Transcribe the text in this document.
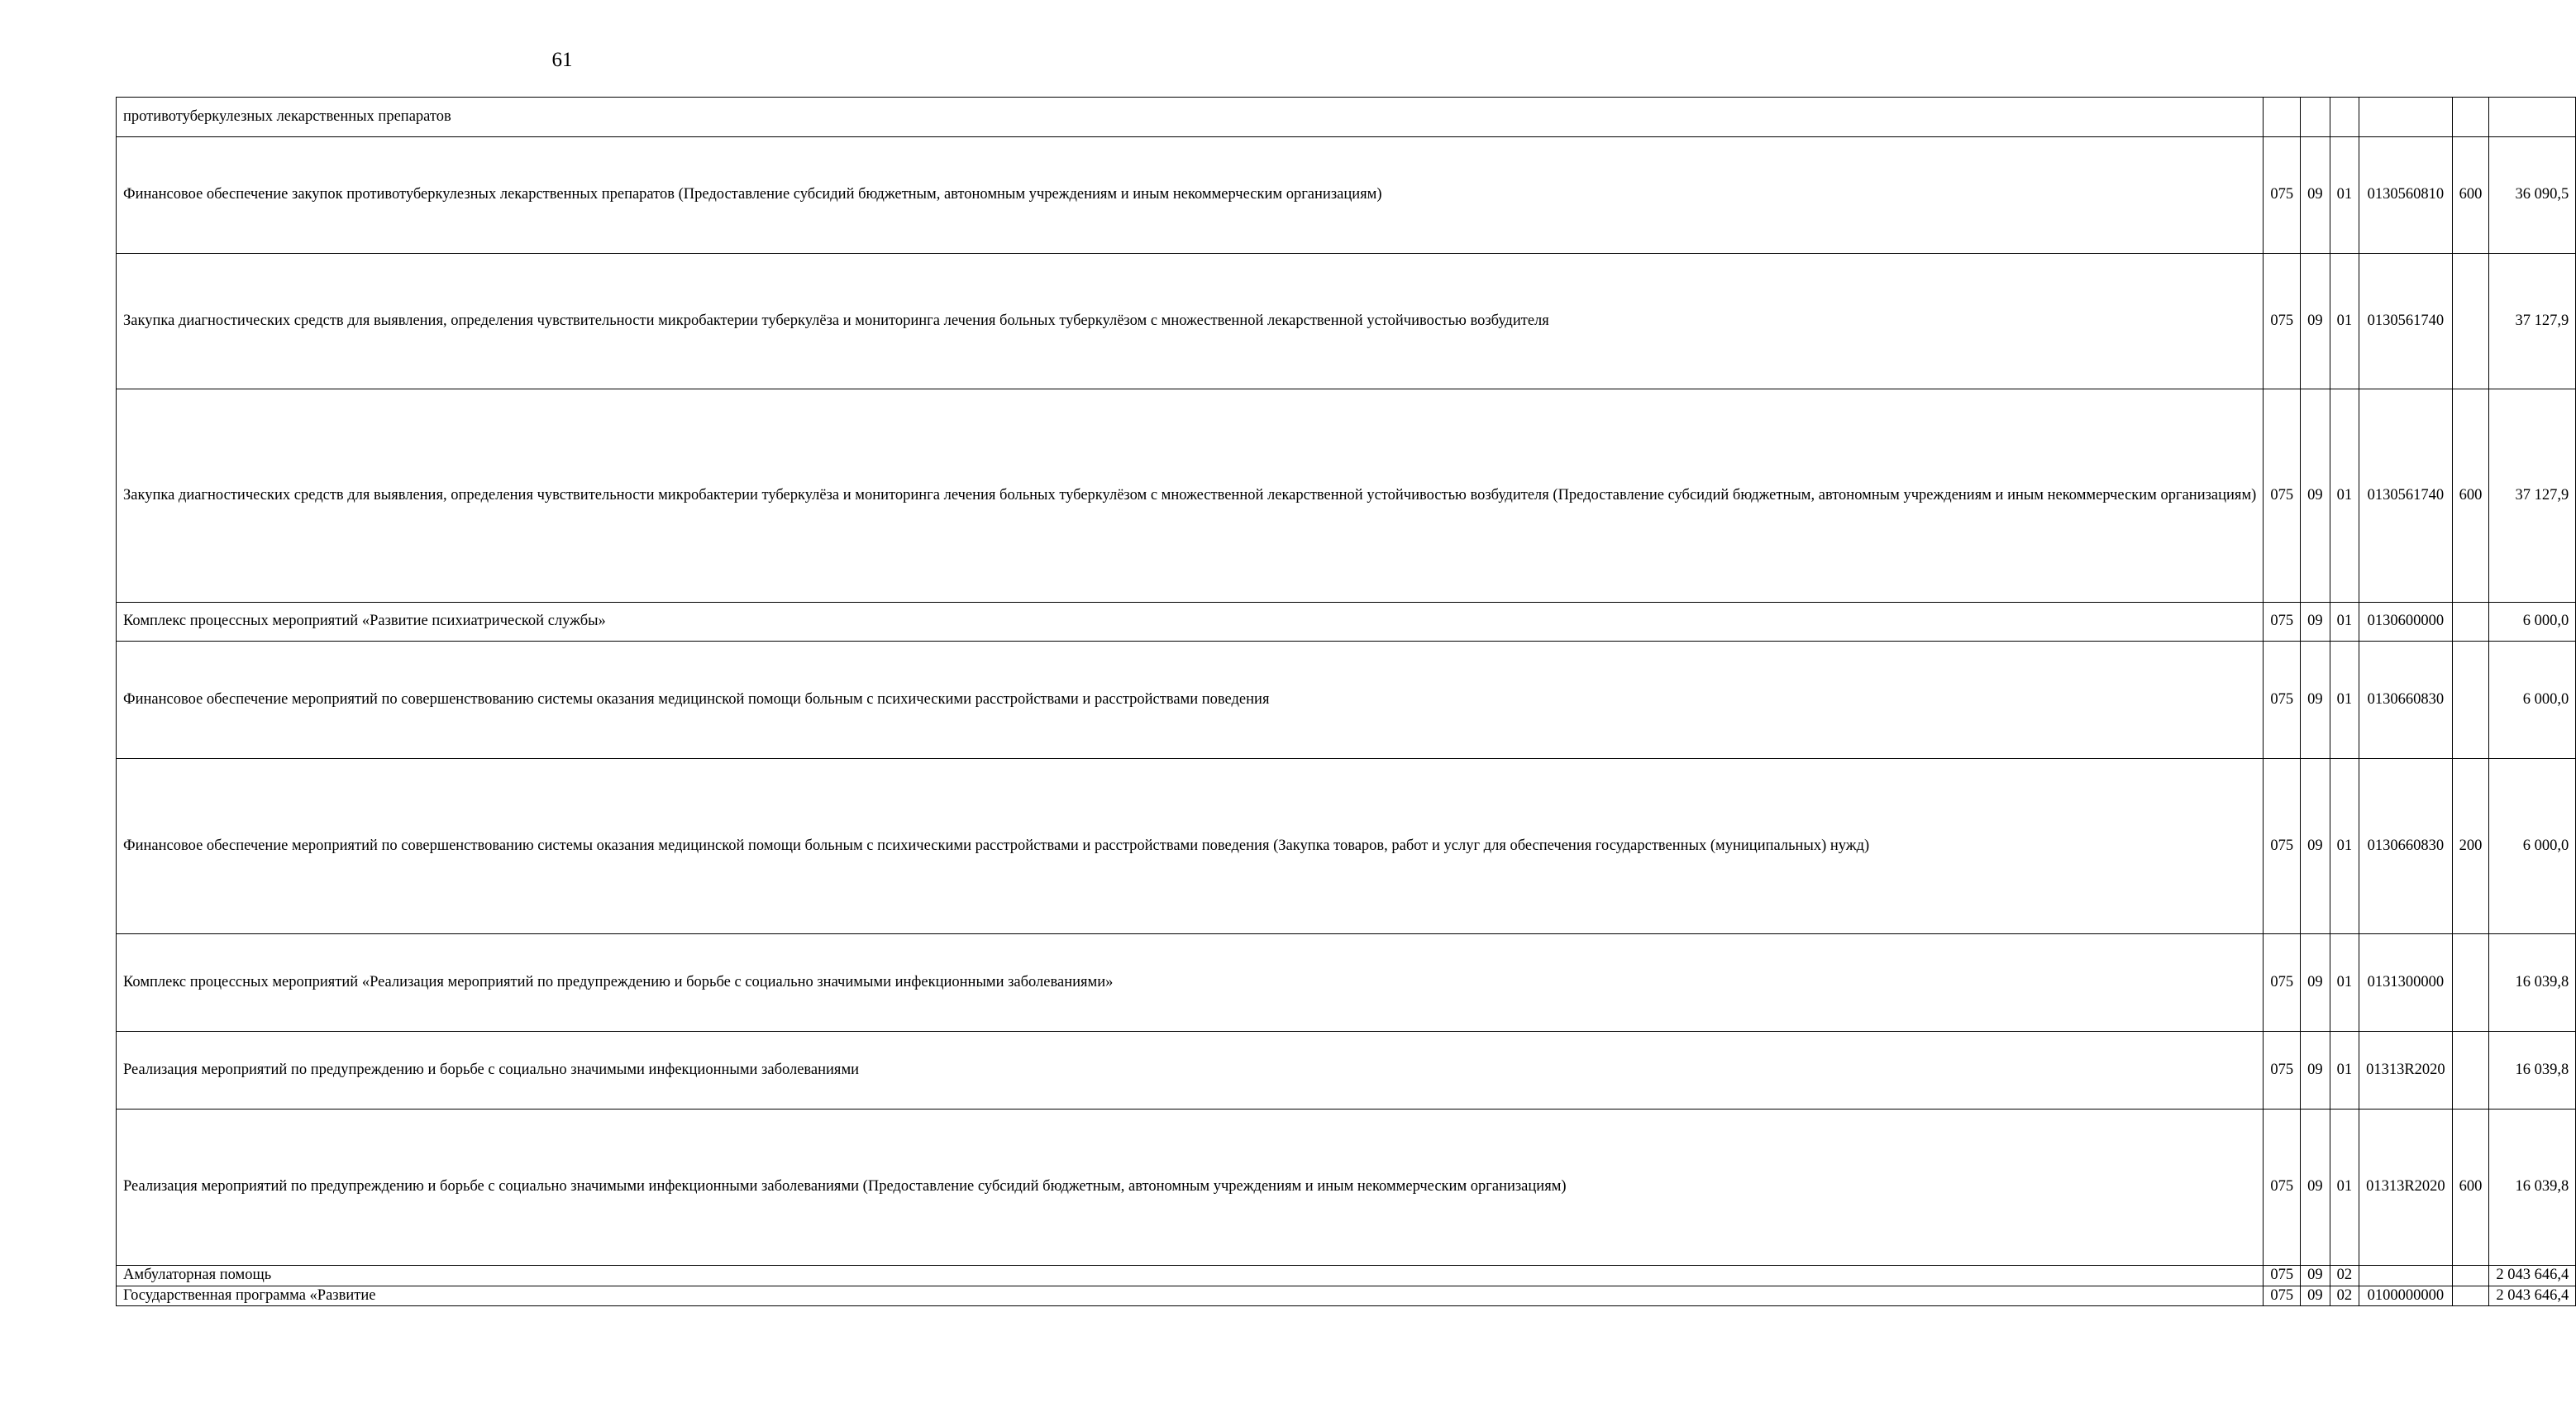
61
противотуберкулезных лекарственных препаратов						
Финансовое обеспечение закупок противотуберкулезных лекарственных препаратов (Предоставление субсидий бюджетным, автономным учреждениям и иным некоммерческим организациям)	075	09	01	0130560810	600	36 090,5
Закупка диагностических средств для выявления, определения чувствительности микробактерии туберкулёза и мониторинга лечения больных туберкулёзом с множественной лекарственной устойчивостью возбудителя	075	09	01	0130561740		37 127,9
Закупка диагностических средств для выявления, определения чувствительности микробактерии туберкулёза и мониторинга лечения больных туберкулёзом с множественной лекарственной устойчивостью возбудителя (Предоставление субсидий бюджетным, автономным учреждениям и иным некоммерческим организациям)	075	09	01	0130561740	600	37 127,9
Комплекс процессных мероприятий «Развитие психиатрической службы»	075	09	01	0130600000		6 000,0
Финансовое обеспечение мероприятий по совершенствованию системы оказания медицинской помощи больным с психическими расстройствами и расстройствами поведения	075	09	01	0130660830		6 000,0
Финансовое обеспечение мероприятий по совершенствованию системы оказания медицинской помощи больным с психическими расстройствами и расстройствами поведения (Закупка товаров, работ и услуг для обеспечения государственных (муниципальных) нужд)	075	09	01	0130660830	200	6 000,0
Комплекс процессных мероприятий «Реализация мероприятий по предупреждению и борьбе с социально значимыми инфекционными заболеваниями»	075	09	01	0131300000		16 039,8
Реализация мероприятий по предупреждению и борьбе с социально значимыми инфекционными заболеваниями	075	09	01	01313R2020		16 039,8
Реализация мероприятий по предупреждению и борьбе с социально значимыми инфекционными заболеваниями (Предоставление субсидий бюджетным, автономным учреждениям и иным некоммерческим организациям)	075	09	01	01313R2020	600	16 039,8
Амбулаторная помощь	075	09	02			2 043 646,4
Государственная программа «Развитие	075	09	02	0100000000		2 043 646,4
